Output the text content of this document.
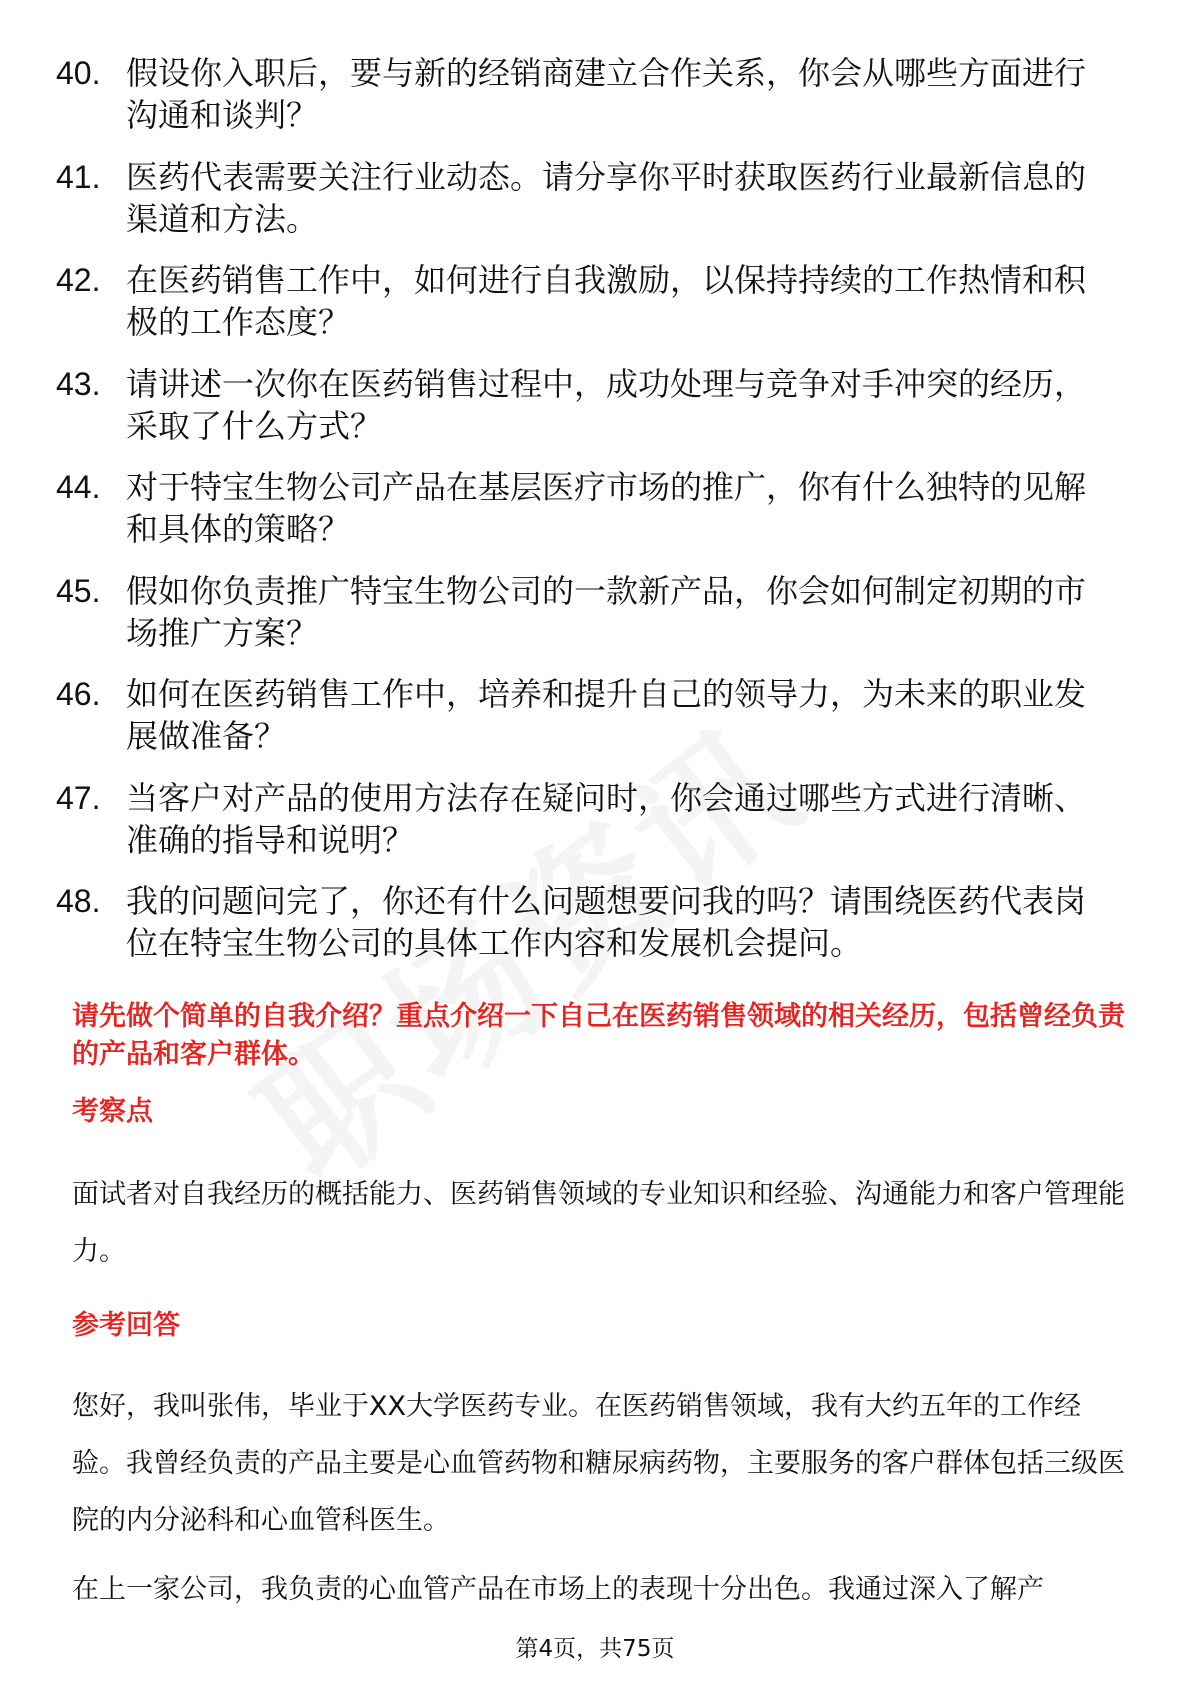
40. 假设你入职后，要与新的经销商建立合作关系，你会从哪些方面进行沟通和谈判？
41. 医药代表需要关注行业动态。请分享你平时获取医药行业最新信息的渠道和方法。
42. 在医药销售工作中，如何进行自我激励，以保持持续的工作热情和积极的工作态度？
43. 请讲述一次你在医药销售过程中，成功处理与竞争对手冲突的经历，采取了什么方式？
44. 对于特宝生物公司产品在基层医疗市场的推广，你有什么独特的见解和具体的策略？
45. 假如你负责推广特宝生物公司的一款新产品，你会如何制定初期的市场推广方案？
46. 如何在医药销售工作中，培养和提升自己的领导力，为未来的职业发展做准备？
47. 当客户对产品的使用方法存在疑问时，你会通过哪些方式进行清晰、准确的指导和说明？
48. 我的问题问完了，你还有什么问题想要问我的吗？请围绕医药代表岗位在特宝生物公司的具体工作内容和发展机会提问。
请先做个简单的自我介绍？重点介绍一下自己在医药销售领域的相关经历，包括曾经负责的产品和客户群体。
考察点
面试者对自我经历的概括能力、医药销售领域的专业知识和经验、沟通能力和客户管理能力。
参考回答
您好，我叫张伟，毕业于XX大学医药专业。在医药销售领域，我有大约五年的工作经验。我曾经负责的产品主要是心血管药物和糖尿病药物，主要服务的客户群体包括三级医院的内分泌科和心血管科医生。
在上一家公司，我负责的心血管产品在市场上的表现十分出色。我通过深入了解产
第4页，共75页
